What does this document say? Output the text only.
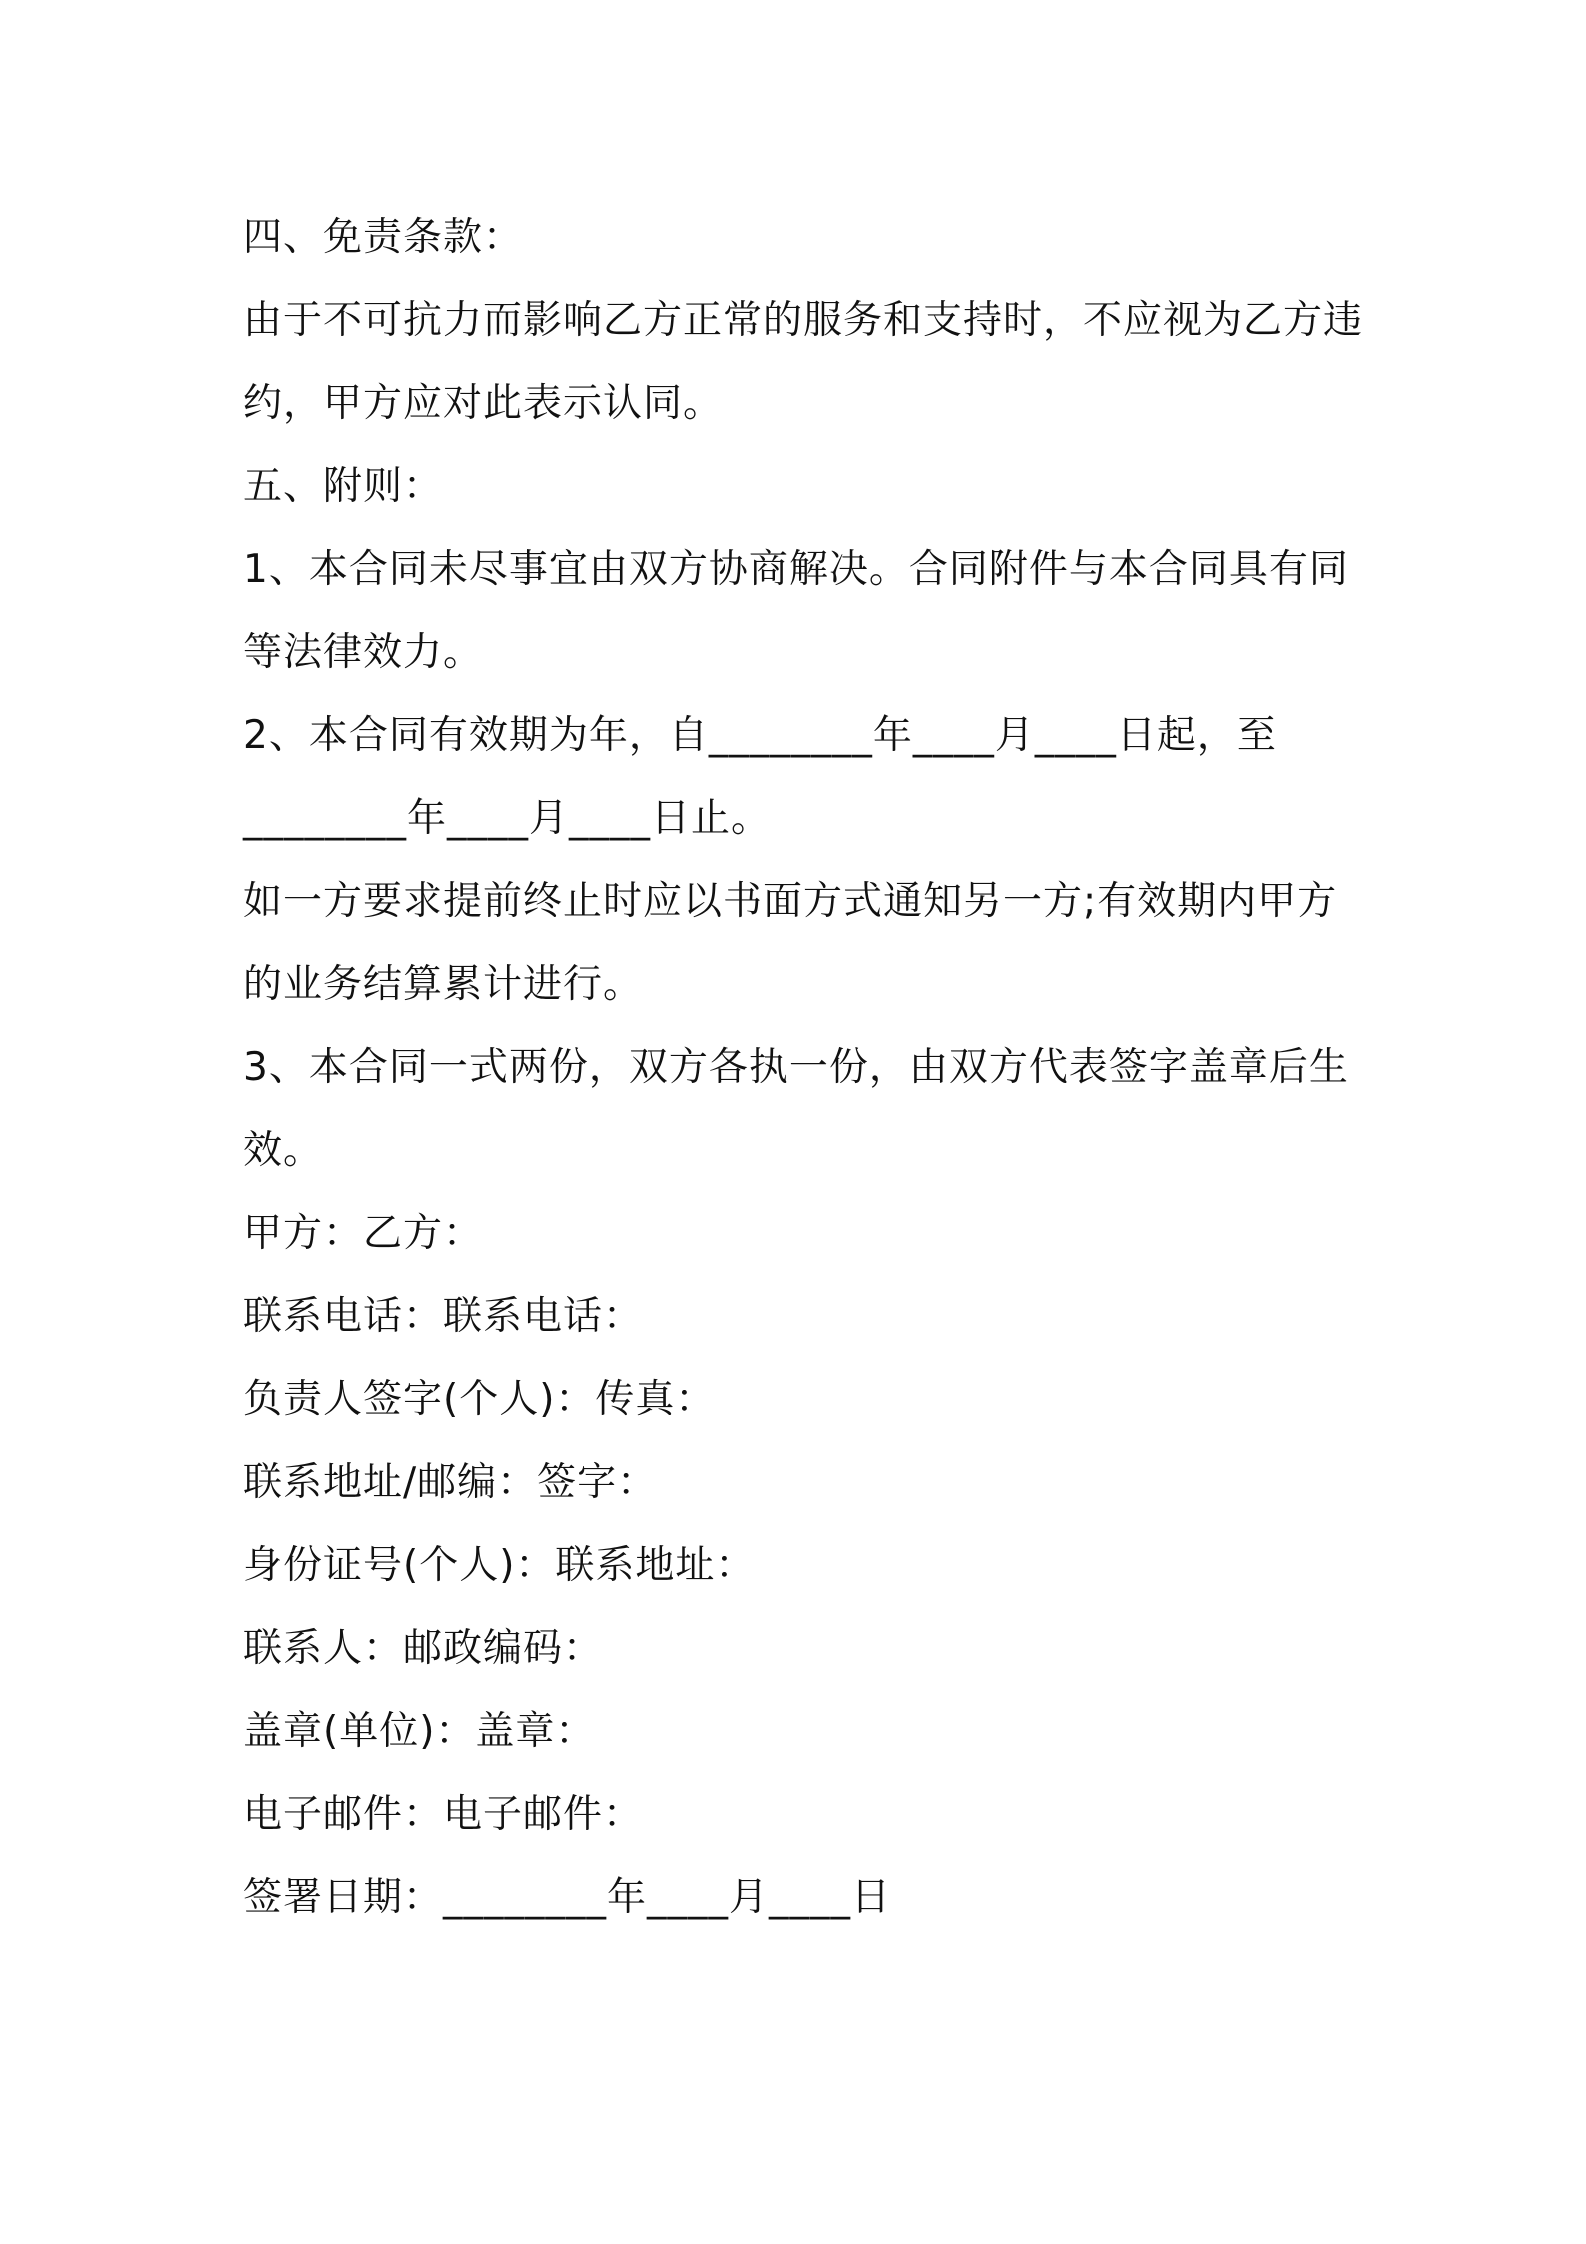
四、免责条款：
由于不可抗力而影响乙方正常的服务和支持时，不应视为乙方违
约，甲方应对此表示认同。
五、附则：
1、本合同未尽事宜由双方协商解决。合同附件与本合同具有同
等法律效力。
2、本合同有效期为年，自________年____月____日起，至
________年____月____日止。
如一方要求提前终止时应以书面方式通知另一方;有效期内甲方
的业务结算累计进行。
3、本合同一式两份，双方各执一份，由双方代表签字盖章后生
效。
甲方：乙方：
联系电话：联系电话：
负责人签字(个人)：传真：
联系地址/邮编：签字：
身份证号(个人)：联系地址：
联系人：邮政编码：
盖章(单位)：盖章：
电子邮件：电子邮件：
签署日期：________年____月____日
